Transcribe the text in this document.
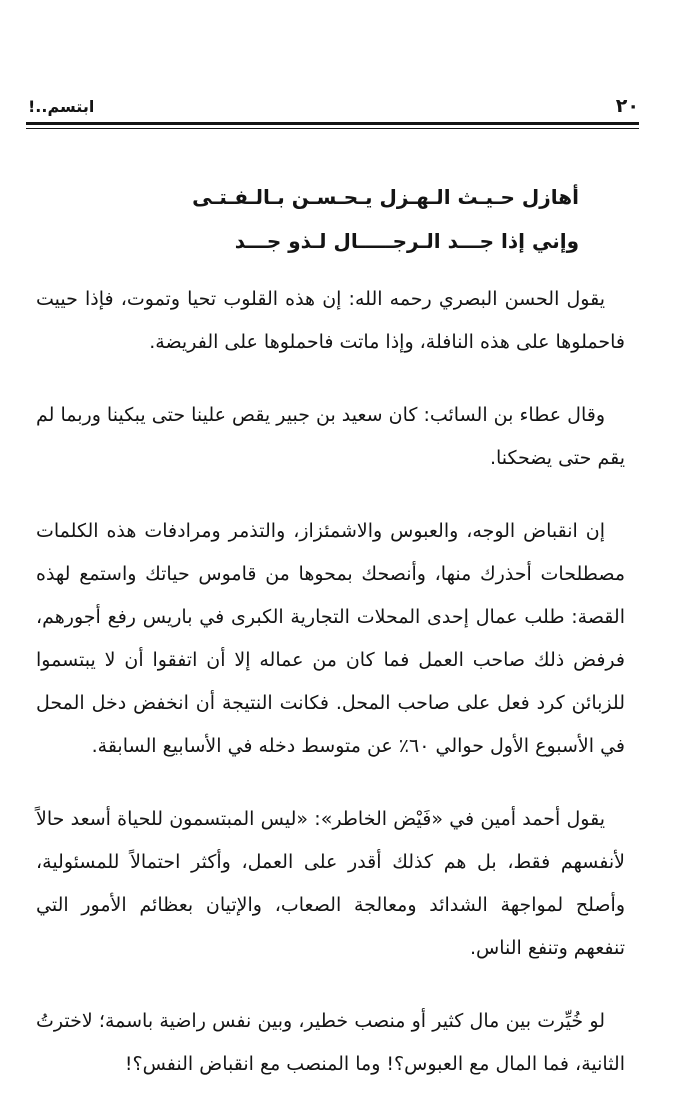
٢٠
ابتسم..!
أهازل حـيـث الـهـزل يـحـسـن بـالـفـتـى
وإني إذا جـــد الـرجـــــال لـذو جـــد

يقول الحسن البصري رحمه الله: إن هذه القلوب تحيا وتموت، فإذا حييت فاحملوها على هذه النافلة، وإذا ماتت فاحملوها على الفريضة.

وقال عطاء بن السائب: كان سعيد بن جبير يقص علينا حتى يبكينا وربما لم يقم حتى يضحكنا.

إن انقباض الوجه، والعبوس والاشمئزاز، والتذمر ومرادفات هذه الكلمات مصطلحات أحذرك منها، وأنصحك بمحوها من قاموس حياتك واستمع لهذه القصة: طلب عمال إحدى المحلات التجارية الكبرى في باريس رفع أجورهم، فرفض ذلك صاحب العمل فما كان من عماله إلا أن اتفقوا أن لا يبتسموا للزبائن كرد فعل على صاحب المحل. فكانت النتيجة أن انخفض دخل المحل في الأسبوع الأول حوالي ٦٠٪ عن متوسط دخله في الأسابيع السابقة.

يقول أحمد أمين في «فَيْض الخاطر»: «ليس المبتسمون للحياة أسعد حالاً لأنفسهم فقط، بل هم كذلك أقدر على العمل، وأكثر احتمالاً للمسئولية، وأصلح لمواجهة الشدائد ومعالجة الصعاب، والإتيان بعظائم الأمور التي تنفعهم وتنفع الناس.

لو خُيِّرت بين مال كثير أو منصب خطير، وبين نفس راضية باسمة؛ لاخترتُ الثانية، فما المال مع العبوس؟! وما المنصب مع انقباض النفس؟!
